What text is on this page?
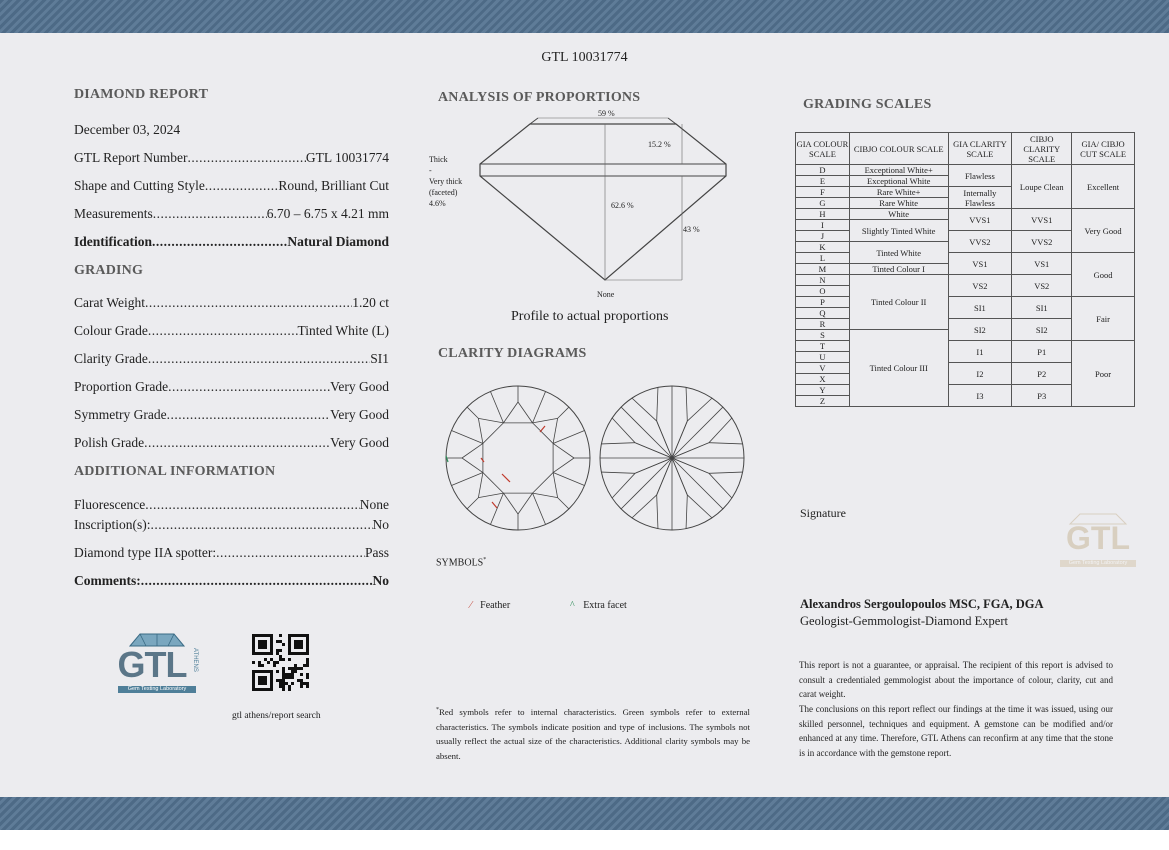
GTL 10031774
DIAMOND REPORT
December 03, 2024
GTL Report Number .....	GTL 10031774
Shape and Cutting Style .....	Round, Brilliant Cut
Measurements .....	6.70 – 6.75 x 4.21 mm
Identification .....	Natural Diamond
GRADING
Carat Weight .....	1.20 ct
Colour Grade .....	Tinted White (L)
Clarity Grade .....	SI1
Proportion Grade .....	Very Good
Symmetry Grade .....	Very Good
Polish Grade .....	Very Good
ADDITIONAL INFORMATION
Fluorescence .....	None
Inscription(s): .....	No
Diamond type IIA spotter: .....	Pass
Comments: .....	No
GTL ATHENS
Gem Testing Laboratory
gtl athens/report search
ANALYSIS OF PROPORTIONS
59 %
15.2 %
62.6 %
43 %
Thick
-
Very thick
(faceted)
4.6%
None
Profile to actual proportions
CLARITY DIAGRAMS
SYMBOLS*
⁄ Feather	^ Extra facet
*Red symbols refer to internal characteristics. Green symbols refer to external characteristics. The symbols indicate position and type of inclusions. The symbols not usually reflect the actual size of the characteristics. Additional clarity symbols may be absent.
GRADING SCALES
GIA COLOUR SCALE	CIBJO COLOUR SCALE	GIA CLARITY SCALE	CIBJO CLARITY SCALE	GIA/ CIBJO CUT SCALE
D	Exceptional White+	Flawless	Loupe Clean	Excellent
E	Exceptional White			
F	Rare White+	Internally Flawless		
G	Rare White			
H	White	VVS1	VVS1	Very Good
I	Slightly Tinted White			
J		VVS2	VVS2	
K	Tinted White			
L		VS1	VS1	Good
M	Tinted Colour I			
N	Tinted Colour II	VS2	VS2	
O				
P		SI1	SI1	Fair
Q				
R		SI2	SI2	
S	Tinted Colour III			
T		I1	P1	Poor
U				
V		I2	P2	
X				
Y		I3	P3	
Z				
Signature
GTL
Gem Testing Laboratory
Alexandros Sergoulopoulos MSC, FGA, DGA
Geologist-Gemmologist-Diamond Expert
This report is not a guarantee, or appraisal. The recipient of this report is advised to consult a credentialed gemmologist about the importance of colour, clarity, cut and carat weight.
The conclusions on this report reflect our findings at the time it was issued, using our skilled personnel, techniques and equipment. A gemstone can be modified and/or enhanced at any time. Therefore, GTL Athens can reconfirm at any time that the stone is in accordance with the gemstone report.
